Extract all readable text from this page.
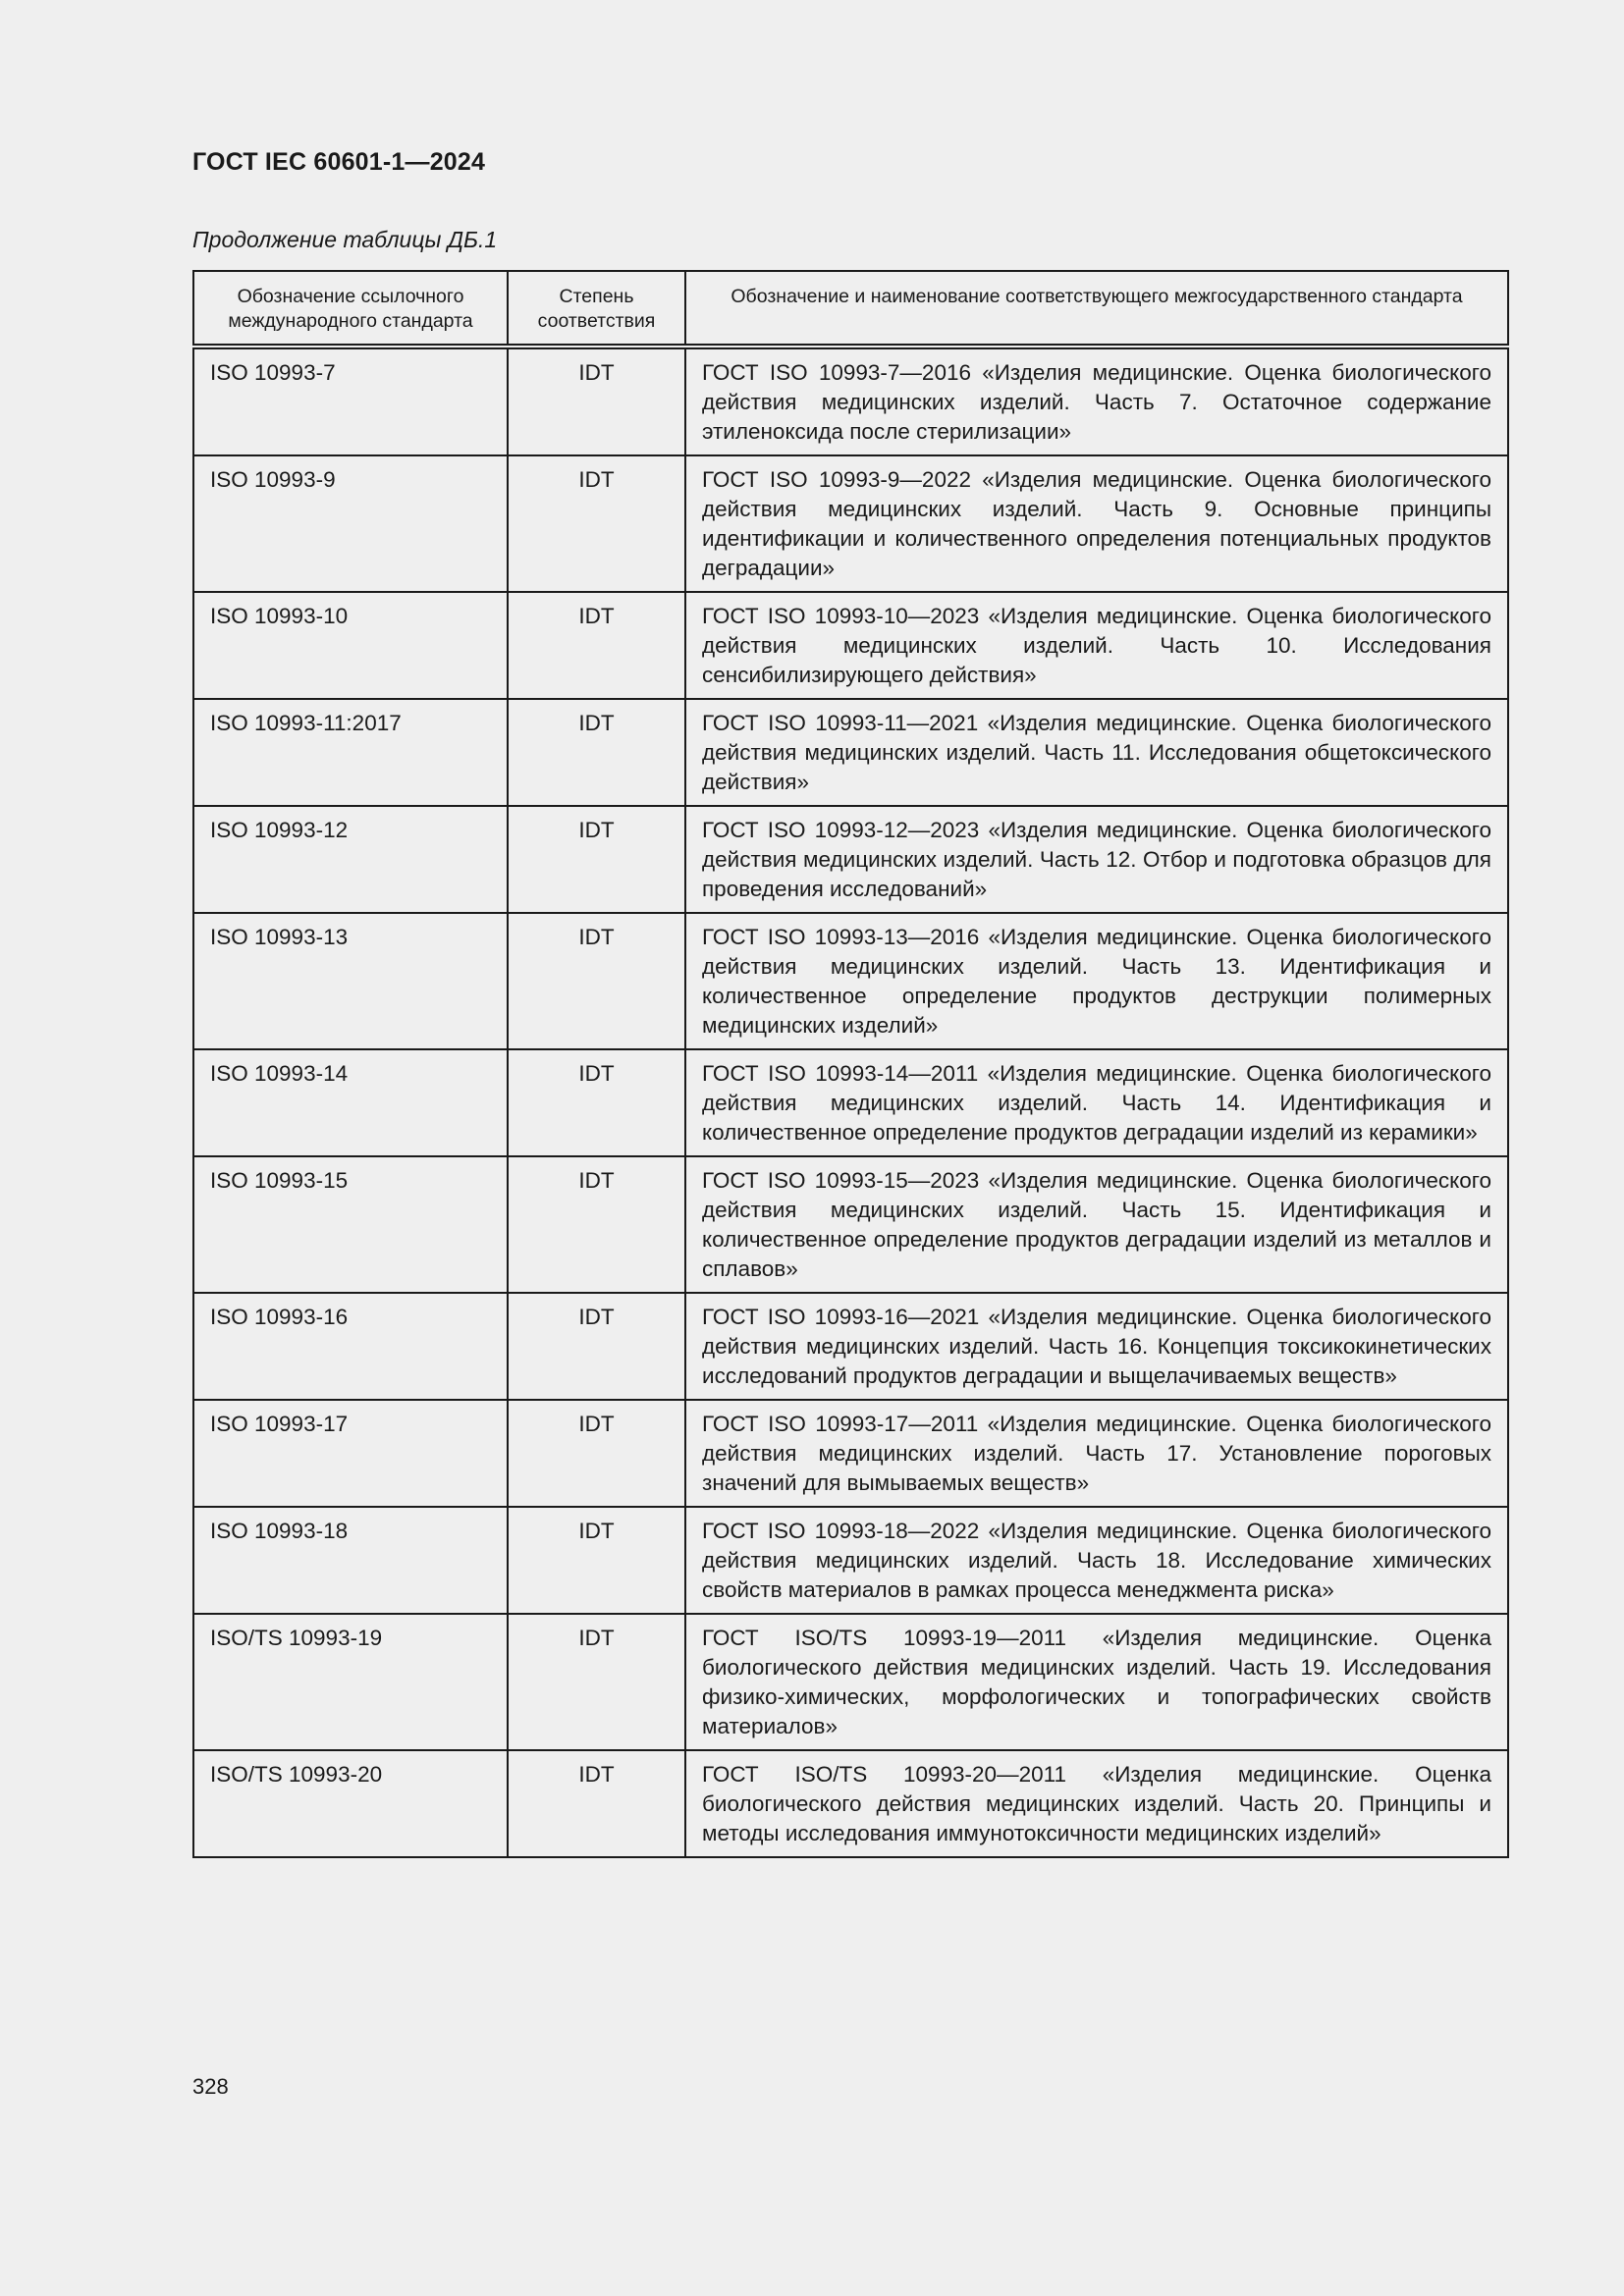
ГОСТ IEC 60601-1—2024
Продолжение таблицы ДБ.1
Обозначение ссылочного международного стандарта	Степень соответствия	Обозначение и наименование соответствующего межгосударственного стандарта
ISO 10993-7	IDT	ГОСТ ISO 10993-7—2016 «Изделия медицинские. Оценка биологического действия медицинских изделий. Часть 7. Остаточное содержание этиленоксида после стерилизации»
ISO 10993-9	IDT	ГОСТ ISO 10993-9—2022 «Изделия медицинские. Оценка биологического действия медицинских изделий. Часть 9. Основные принципы идентификации и количественного определения потенциальных продуктов деградации»
ISO 10993-10	IDT	ГОСТ ISO 10993-10—2023 «Изделия медицинские. Оценка биологического действия медицинских изделий. Часть 10. Исследования сенсибилизирующего действия»
ISO 10993-11:2017	IDT	ГОСТ ISO 10993-11—2021 «Изделия медицинские. Оценка биологического действия медицинских изделий. Часть 11. Исследования общетоксического действия»
ISO 10993-12	IDT	ГОСТ ISO 10993-12—2023 «Изделия медицинские. Оценка биологического действия медицинских изделий. Часть 12. Отбор и подготовка образцов для проведения исследований»
ISO 10993-13	IDT	ГОСТ ISO 10993-13—2016 «Изделия медицинские. Оценка биологического действия медицинских изделий. Часть 13. Идентификация и количественное определение продуктов деструкции полимерных медицинских изделий»
ISO 10993-14	IDT	ГОСТ ISO 10993-14—2011 «Изделия медицинские. Оценка биологического действия медицинских изделий. Часть 14. Идентификация и количественное определение продуктов деградации изделий из керамики»
ISO 10993-15	IDT	ГОСТ ISO 10993-15—2023 «Изделия медицинские. Оценка биологического действия медицинских изделий. Часть 15. Идентификация и количественное определение продуктов деградации изделий из металлов и сплавов»
ISO 10993-16	IDT	ГОСТ ISO 10993-16—2021 «Изделия медицинские. Оценка биологического действия медицинских изделий. Часть 16. Концепция токсикокинетических исследований продуктов деградации и выщелачиваемых веществ»
ISO 10993-17	IDT	ГОСТ ISO 10993-17—2011 «Изделия медицинские. Оценка биологического действия медицинских изделий. Часть 17. Установление пороговых значений для вымываемых веществ»
ISO 10993-18	IDT	ГОСТ ISO 10993-18—2022 «Изделия медицинские. Оценка биологического действия медицинских изделий. Часть 18. Исследование химических свойств материалов в рамках процесса менеджмента риска»
ISO/TS 10993-19	IDT	ГОСТ ISO/TS 10993-19—2011 «Изделия медицинские. Оценка биологического действия медицинских изделий. Часть 19. Исследования физико-химических, морфологических и топографических свойств материалов»
ISO/TS 10993-20	IDT	ГОСТ ISO/TS 10993-20—2011 «Изделия медицинские. Оценка биологического действия медицинских изделий. Часть 20. Принципы и методы исследования иммунотоксичности медицинских изделий»
328
